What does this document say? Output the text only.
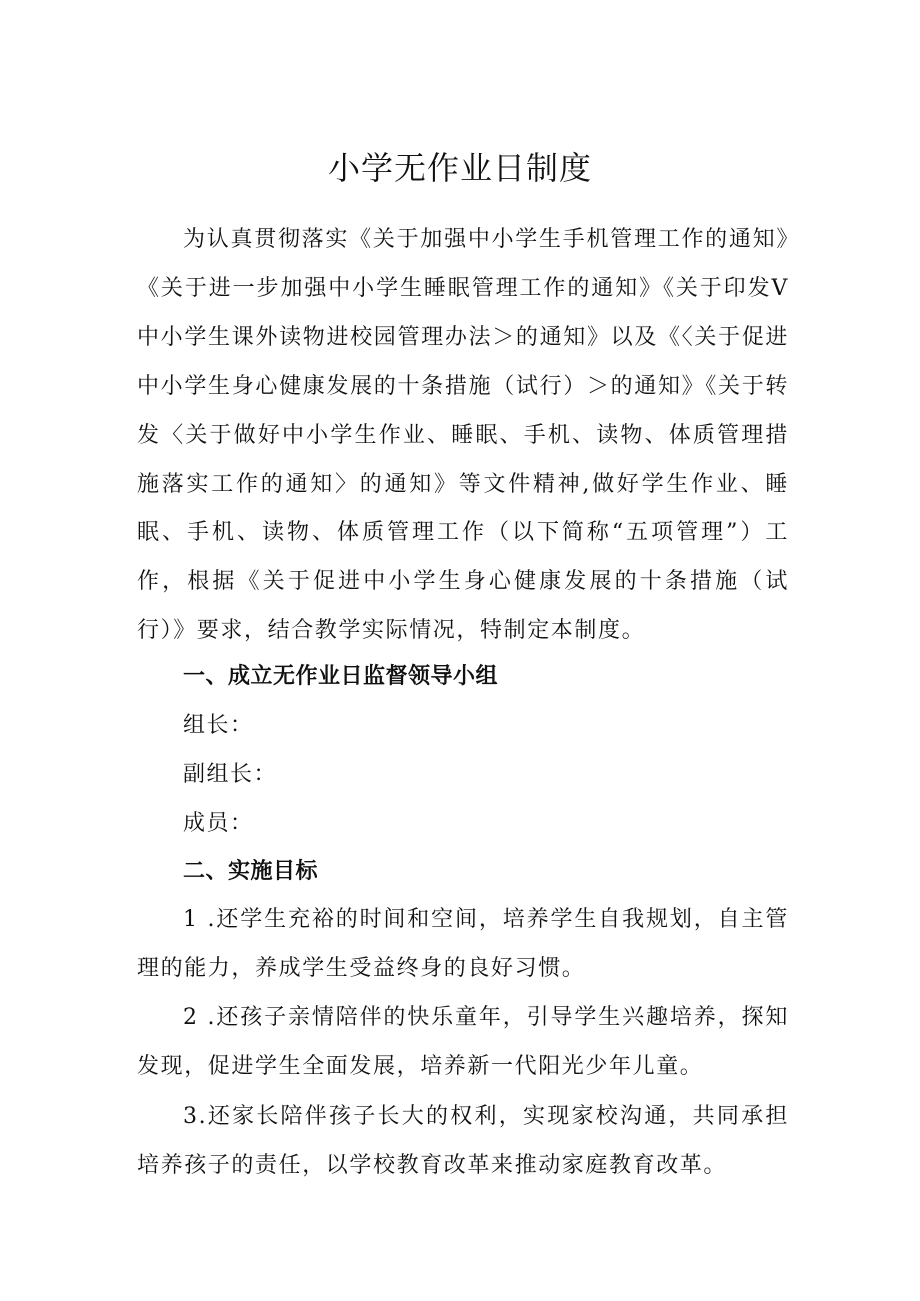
小学无作业日制度

为认真贯彻落实《关于加强中小学生手机管理工作的通知》《关于进一步加强中小学生睡眠管理工作的通知》《关于印发V中小学生课外读物进校园管理办法＞的通知》以及《〈关于促进中小学生身心健康发展的十条措施（试行）＞的通知》《关于转发〈关于做好中小学生作业、睡眠、手机、读物、体质管理措施落实工作的通知〉的通知》等文件精神,做好学生作业、睡眠、手机、读物、体质管理工作（以下简称“五项管理”）工作，根据《关于促进中小学生身心健康发展的十条措施（试行）》要求，结合教学实际情况，特制定本制度。

一、成立无作业日监督领导小组

组长：

副组长：

成员：

二、实施目标

1 .还学生充裕的时间和空间，培养学生自我规划，自主管理的能力，养成学生受益终身的良好习惯。

2 .还孩子亲情陪伴的快乐童年，引导学生兴趣培养，探知发现，促进学生全面发展，培养新一代阳光少年儿童。

3.还家长陪伴孩子长大的权利，实现家校沟通，共同承担培养孩子的责任，以学校教育改革来推动家庭教育改革。
